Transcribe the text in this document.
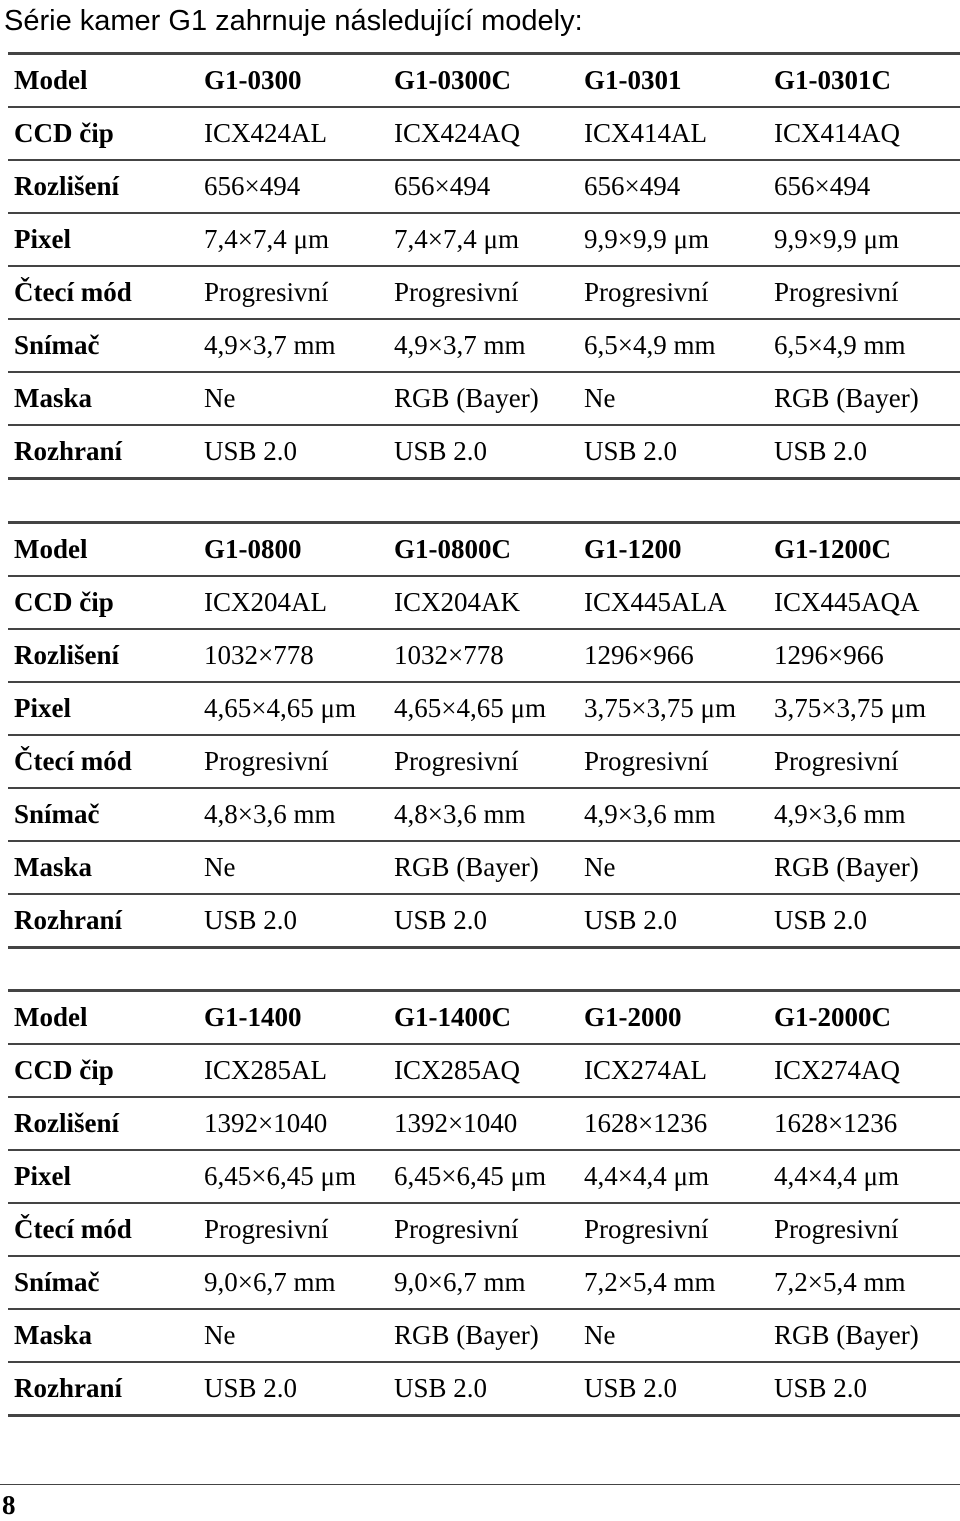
Série kamer G1 zahrnuje následující modely:
Model	G1-0300	G1-0300C	G1-0301	G1-0301C
CCD čip	ICX424AL	ICX424AQ	ICX414AL	ICX414AQ
Rozlišení	656×494	656×494	656×494	656×494
Pixel	7,4×7,4 μm	7,4×7,4 μm	9,9×9,9 μm	9,9×9,9 μm
Čtecí mód	Progresivní	Progresivní	Progresivní	Progresivní
Snímač	4,9×3,7 mm	4,9×3,7 mm	6,5×4,9 mm	6,5×4,9 mm
Maska	Ne	RGB (Bayer)	Ne	RGB (Bayer)
Rozhraní	USB 2.0	USB 2.0	USB 2.0	USB 2.0
Model	G1-0800	G1-0800C	G1-1200	G1-1200C
CCD čip	ICX204AL	ICX204AK	ICX445ALA	ICX445AQA
Rozlišení	1032×778	1032×778	1296×966	1296×966
Pixel	4,65×4,65 μm	4,65×4,65 μm	3,75×3,75 μm	3,75×3,75 μm
Čtecí mód	Progresivní	Progresivní	Progresivní	Progresivní
Snímač	4,8×3,6 mm	4,8×3,6 mm	4,9×3,6 mm	4,9×3,6 mm
Maska	Ne	RGB (Bayer)	Ne	RGB (Bayer)
Rozhraní	USB 2.0	USB 2.0	USB 2.0	USB 2.0
Model	G1-1400	G1-1400C	G1-2000	G1-2000C
CCD čip	ICX285AL	ICX285AQ	ICX274AL	ICX274AQ
Rozlišení	1392×1040	1392×1040	1628×1236	1628×1236
Pixel	6,45×6,45 μm	6,45×6,45 μm	4,4×4,4 μm	4,4×4,4 μm
Čtecí mód	Progresivní	Progresivní	Progresivní	Progresivní
Snímač	9,0×6,7 mm	9,0×6,7 mm	7,2×5,4 mm	7,2×5,4 mm
Maska	Ne	RGB (Bayer)	Ne	RGB (Bayer)
Rozhraní	USB 2.0	USB 2.0	USB 2.0	USB 2.0
8
